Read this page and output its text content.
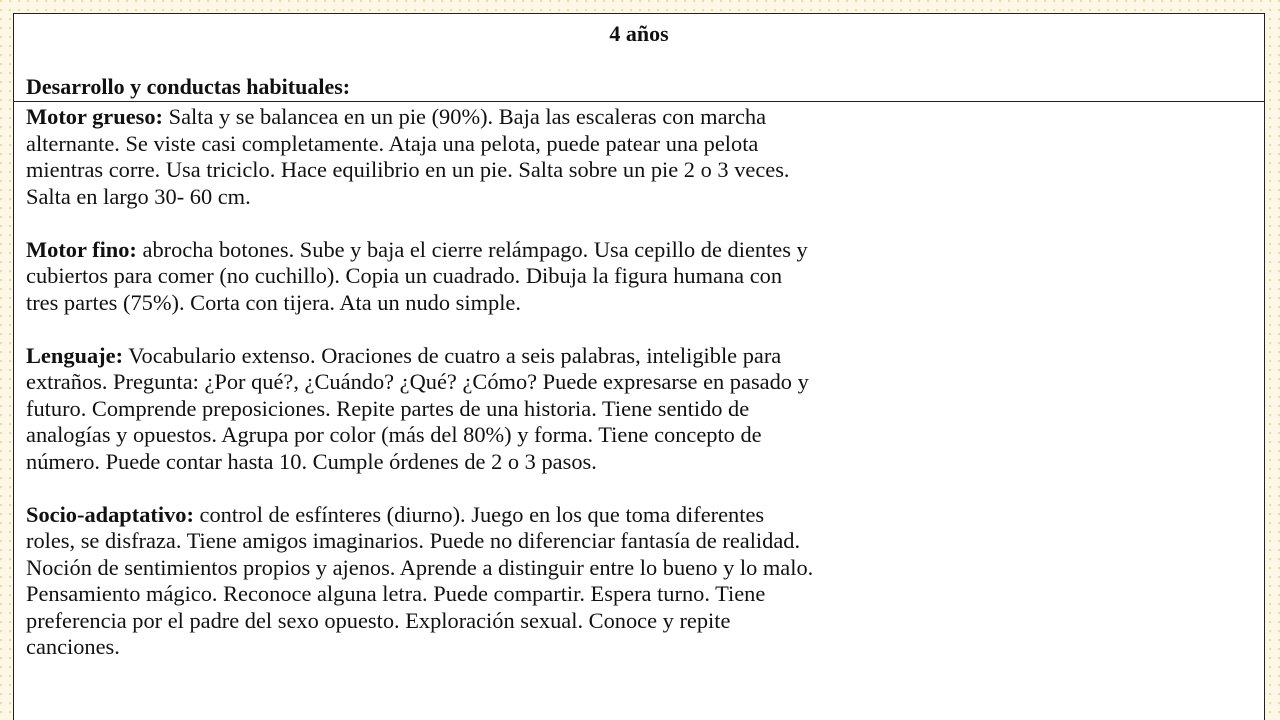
4 años
Desarrollo y conductas habituales:

Motor grueso: Salta y se balancea en un pie (90%). Baja las escaleras con marcha
alternante. Se viste casi completamente. Ataja una pelota, puede patear una pelota
mientras corre. Usa triciclo. Hace equilibrio en un pie. Salta sobre un pie 2 o 3 veces.
Salta en largo 30- 60 cm.

Motor fino: abrocha botones. Sube y baja el cierre relámpago. Usa cepillo de dientes y
cubiertos para comer (no cuchillo). Copia un cuadrado. Dibuja la figura humana con
tres partes (75%). Corta con tijera. Ata un nudo simple.

Lenguaje: Vocabulario extenso. Oraciones de cuatro a seis palabras, inteligible para
extraños. Pregunta: ¿Por qué?, ¿Cuándo? ¿Qué? ¿Cómo? Puede expresarse en pasado y
futuro. Comprende preposiciones. Repite partes de una historia. Tiene sentido de
analogías y opuestos. Agrupa por color (más del 80%) y forma. Tiene concepto de
número. Puede contar hasta 10. Cumple órdenes de 2 o 3 pasos.

Socio-adaptativo: control de esfínteres (diurno). Juego en los que toma diferentes
roles, se disfraza. Tiene amigos imaginarios. Puede no diferenciar fantasía de realidad.
Noción de sentimientos propios y ajenos. Aprende a distinguir entre lo bueno y lo malo.
Pensamiento mágico. Reconoce alguna letra. Puede compartir. Espera turno. Tiene
preferencia por el padre del sexo opuesto. Exploración sexual. Conoce y repite
canciones.
